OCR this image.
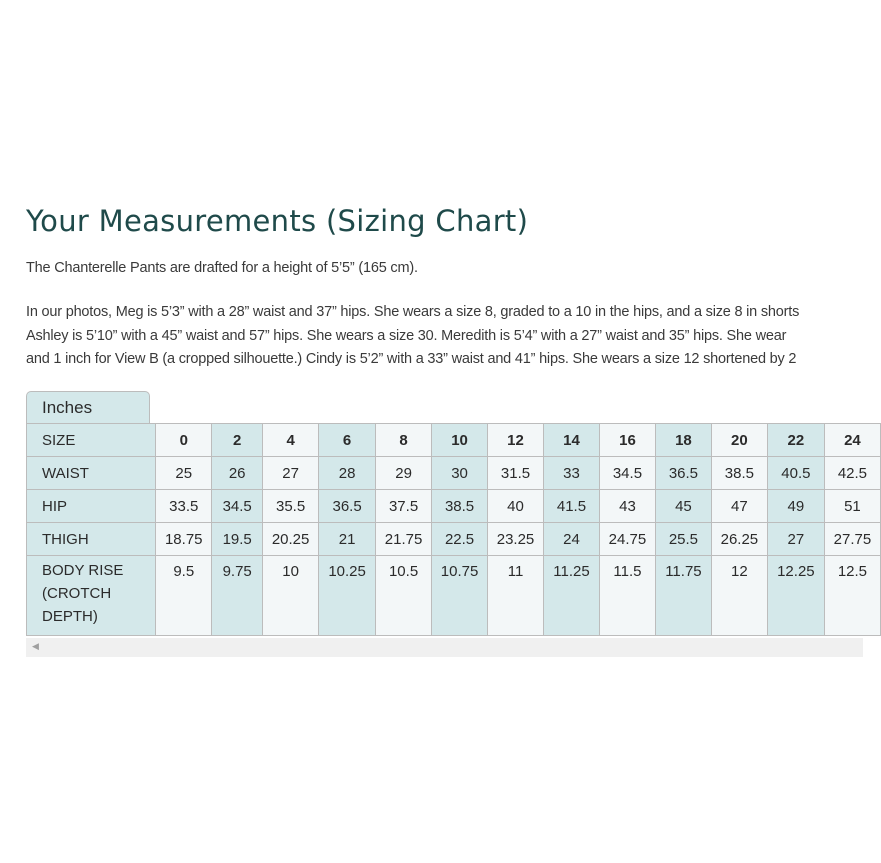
Your Measurements (Sizing Chart)

The Chanterelle Pants are drafted for a height of 5’5” (165 cm).

In our photos, Meg is 5’3” with a 28” waist and 37” hips. She wears a size 8, graded to a 10 in the hips, and a size 8 in shorts
Ashley is 5’10” with a 45” waist and 57” hips. She wears a size 30. Meredith is 5’4” with a 27” waist and 35” hips. She wear
and 1 inch for View B (a cropped silhouette.) Cindy is 5’2” with a 33” waist and 41” hips. She wears a size 12 shortened by 2

Inches
SIZE	0	2	4	6	8	10	12	14	16	18	20	22	24
WAIST	25	26	27	28	29	30	31.5	33	34.5	36.5	38.5	40.5	42.5
HIP	33.5	34.5	35.5	36.5	37.5	38.5	40	41.5	43	45	47	49	51
THIGH	18.75	19.5	20.25	21	21.75	22.5	23.25	24	24.75	25.5	26.25	27	27.75

BODY RISE
(CROTCH
DEPTH)	9.5	9.75	10	10.25	10.5	10.75	11	11.25	11.5	11.75	12	12.25	12.5
◀
